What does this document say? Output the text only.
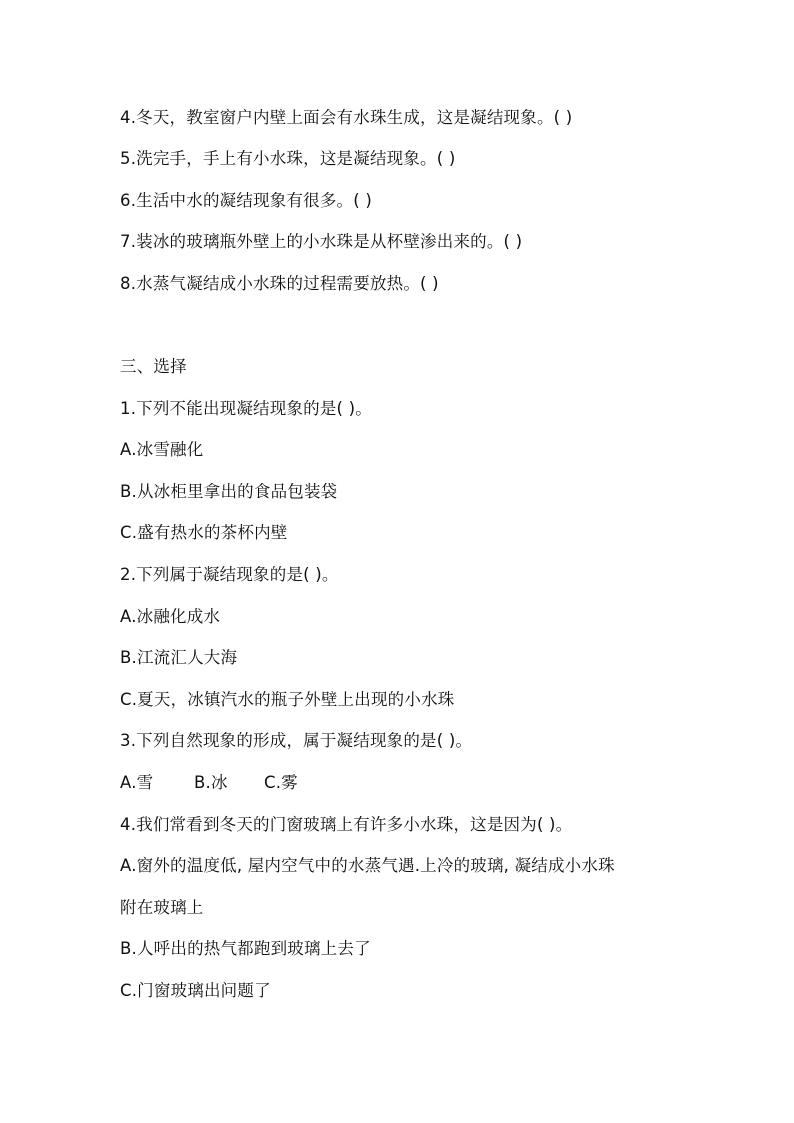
4.冬天，教室窗户内壁上面会有水珠生成，这是凝结现象。( )
5.洗完手，手上有小水珠，这是凝结现象。( )
6.生活中水的凝结现象有很多。( )
7.装冰的玻璃瓶外壁上的小水珠是从杯壁渗出来的。( )
8.水蒸气凝结成小水珠的过程需要放热。( )
三、选择
1.下列不能出现凝结现象的是( )。
A.冰雪融化
B.从冰柜里拿出的食品包装袋
C.盛有热水的茶杯内壁
2.下列属于凝结现象的是( )。
A.冰融化成水
B.江流汇人大海
C.夏天，冰镇汽水的瓶子外壁上出现的小水珠
3.下列自然现象的形成，属于凝结现象的是( )。
A.雪 B.冰 C.雾
4.我们常看到冬天的门窗玻璃上有许多小水珠，这是因为( )。
A.窗外的温度低, 屋内空气中的水蒸气遇.上冷的玻璃, 凝结成小水珠
附在玻璃上
B.人呼出的热气都跑到玻璃上去了
C.门窗玻璃出问题了
